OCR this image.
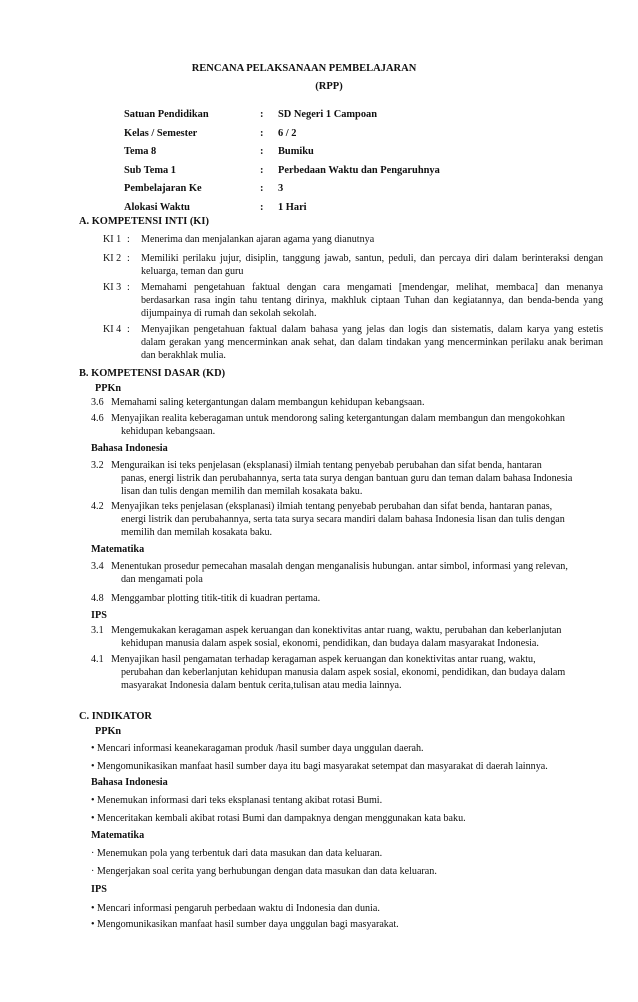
RENCANA PELAKSANAAN PEMBELAJARAN
(RPP)
Satuan Pendidikan	:	SD Negeri 1 Campoan
Kelas / Semester	:	6 / 2
Tema 8	:	Bumiku
Sub Tema 1	:	Perbedaan Waktu dan Pengaruhnya
Pembelajaran Ke	:	3
Alokasi Waktu	:	1 Hari
A. KOMPETENSI INTI (KI)
KI 1 : Menerima dan menjalankan ajaran agama yang dianutnya
KI 2 : Memiliki perilaku jujur, disiplin, tanggung jawab, santun, peduli, dan percaya diri dalam berinteraksi dengan keluarga, teman dan guru
KI 3 : Memahami pengetahuan faktual dengan cara mengamati [mendengar, melihat, membaca] dan menanya berdasarkan rasa ingin tahu tentang dirinya, makhluk ciptaan Tuhan dan kegiatannya, dan benda-benda yang dijumpainya di rumah dan sekolah sekolah.
KI 4 : Menyajikan pengetahuan faktual dalam bahasa yang jelas dan logis dan sistematis, dalam karya yang estetis dalam gerakan yang mencerminkan anak sehat, dan dalam tindakan yang mencerminkan perilaku anak beriman dan berakhlak mulia.
B. KOMPETENSI DASAR (KD)
PPKn
3.6 Memahami saling ketergantungan dalam membangun kehidupan kebangsaan.
4.6 Menyajikan realita keberagaman untuk mendorong saling ketergantungan dalam membangun dan mengokohkan
kehidupan kebangsaan.
Bahasa Indonesia
3.2 Menguraikan isi teks penjelasan (eksplanasi) ilmiah tentang penyebab perubahan dan sifat benda, hantaran
panas, energi listrik dan perubahannya, serta tata surya dengan bantuan guru dan teman dalam bahasa Indonesia
lisan dan tulis dengan memilih dan memilah kosakata baku.
4.2 Menyajikan teks penjelasan (eksplanasi) ilmiah tentang penyebab perubahan dan sifat benda, hantaran panas,
energi listrik dan perubahannya, serta tata surya secara mandiri dalam bahasa Indonesia lisan dan tulis dengan
memilih dan memilah kosakata baku.
Matematika
3.4 Menentukan prosedur pemecahan masalah dengan menganalisis hubungan. antar simbol, informasi yang relevan,
dan mengamati pola
4.8 Menggambar plotting titik-titik di kuadran pertama.
IPS
3.1 Mengemukakan keragaman aspek keruangan dan konektivitas antar ruang, waktu, perubahan dan keberlanjutan
kehidupan manusia dalam aspek sosial, ekonomi, pendidikan, dan budaya dalam masyarakat Indonesia.
4.1 Menyajikan hasil pengamatan terhadap keragaman aspek keruangan dan konektivitas antar ruang, waktu,
perubahan dan keberlanjutan kehidupan manusia dalam aspek sosial, ekonomi, pendidikan, dan budaya dalam
masyarakat Indonesia dalam bentuk cerita,tulisan atau media lainnya.
C. INDIKATOR
PPKn
• Mencari informasi keanekaragaman produk /hasil sumber daya unggulan daerah.
• Mengomunikasikan manfaat hasil sumber daya itu bagi masyarakat setempat dan masyarakat di daerah lainnya.
Bahasa Indonesia
• Menemukan informasi dari teks eksplanasi tentang akibat rotasi Bumi.
• Menceritakan kembali akibat rotasi Bumi dan dampaknya dengan menggunakan kata baku.
Matematika
· Menemukan pola yang terbentuk dari data masukan dan data keluaran.
· Mengerjakan soal cerita yang berhubungan dengan data masukan dan data keluaran.
IPS
• Mencari informasi pengaruh perbedaan waktu di Indonesia dan dunia.
• Mengomunikasikan manfaat hasil sumber daya unggulan bagi masyarakat.
